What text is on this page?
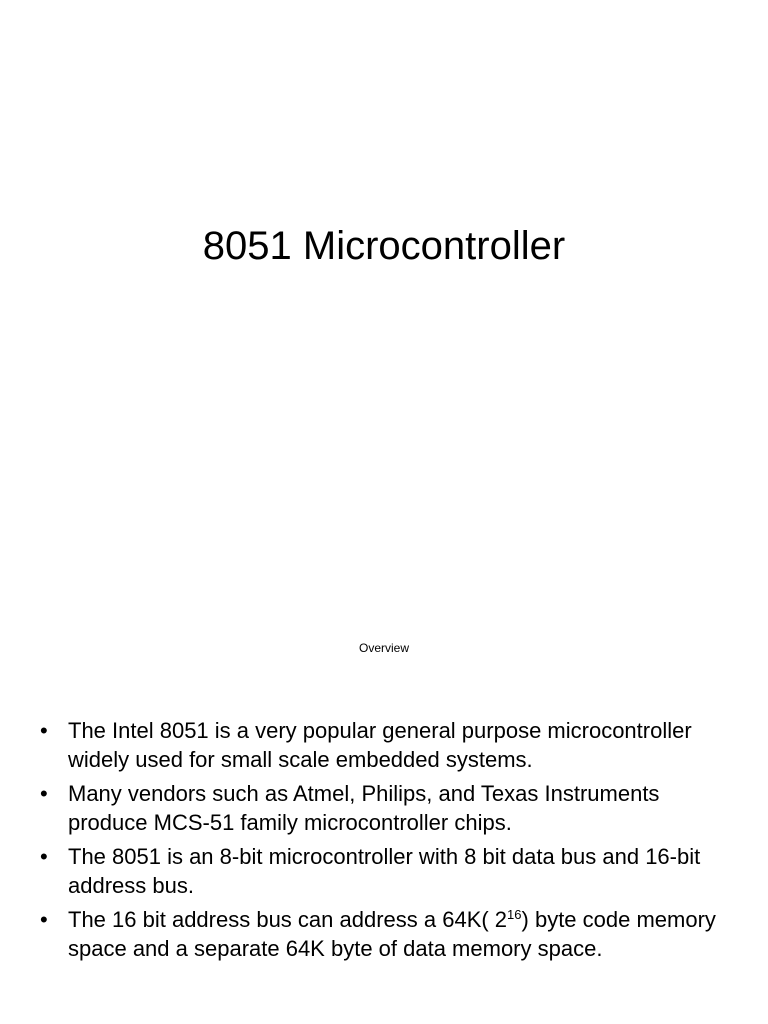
8051 Microcontroller

Overview

• The Intel 8051 is a very popular general purpose microcontroller widely used for small scale embedded systems.
• Many vendors such as Atmel, Philips, and Texas Instruments produce MCS-51 family microcontroller chips.
• The 8051 is an 8-bit microcontroller with 8 bit data bus and 16-bit address bus.
• The 16 bit address bus can address a 64K( $2^{16}$) byte code memory space and a separate 64K byte of data memory space.
